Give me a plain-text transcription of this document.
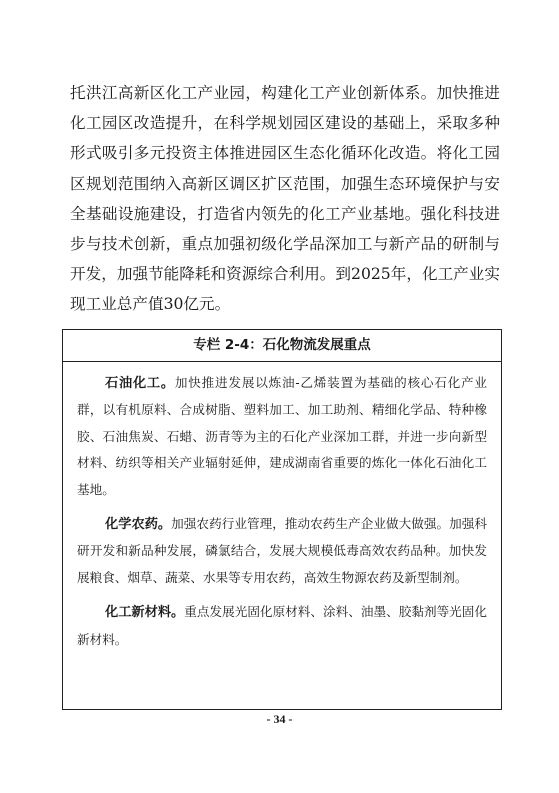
托洪江高新区化工产业园，构建化工产业创新体系。加快推进化工园区改造提升，在科学规划园区建设的基础上，采取多种形式吸引多元投资主体推进园区生态化循环化改造。将化工园区规划范围纳入高新区调区扩区范围，加强生态环境保护与安全基础设施建设，打造省内领先的化工产业基地。强化科技进步与技术创新，重点加强初级化学品深加工与新产品的研制与开发，加强节能降耗和资源综合利用。到2025年，化工产业实现工业总产值30亿元。

专栏 2-4：石化物流发展重点

石油化工。加快推进发展以炼油-乙烯装置为基础的核心石化产业群，以有机原料、合成树脂、塑料加工、加工助剂、精细化学品、特种橡胶、石油焦炭、石蜡、沥青等为主的石化产业深加工群，并进一步向新型材料、纺织等相关产业辐射延伸，建成湖南省重要的炼化一体化石油化工基地。

化学农药。加强农药行业管理，推动农药生产企业做大做强。加强科研开发和新品种发展，磷氯结合，发展大规模低毒高效农药品种。加快发展粮食、烟草、蔬菜、水果等专用农药，高效生物源农药及新型制剂。

化工新材料。重点发展光固化原材料、涂料、油墨、胶黏剂等光固化新材料。

- 34 -
